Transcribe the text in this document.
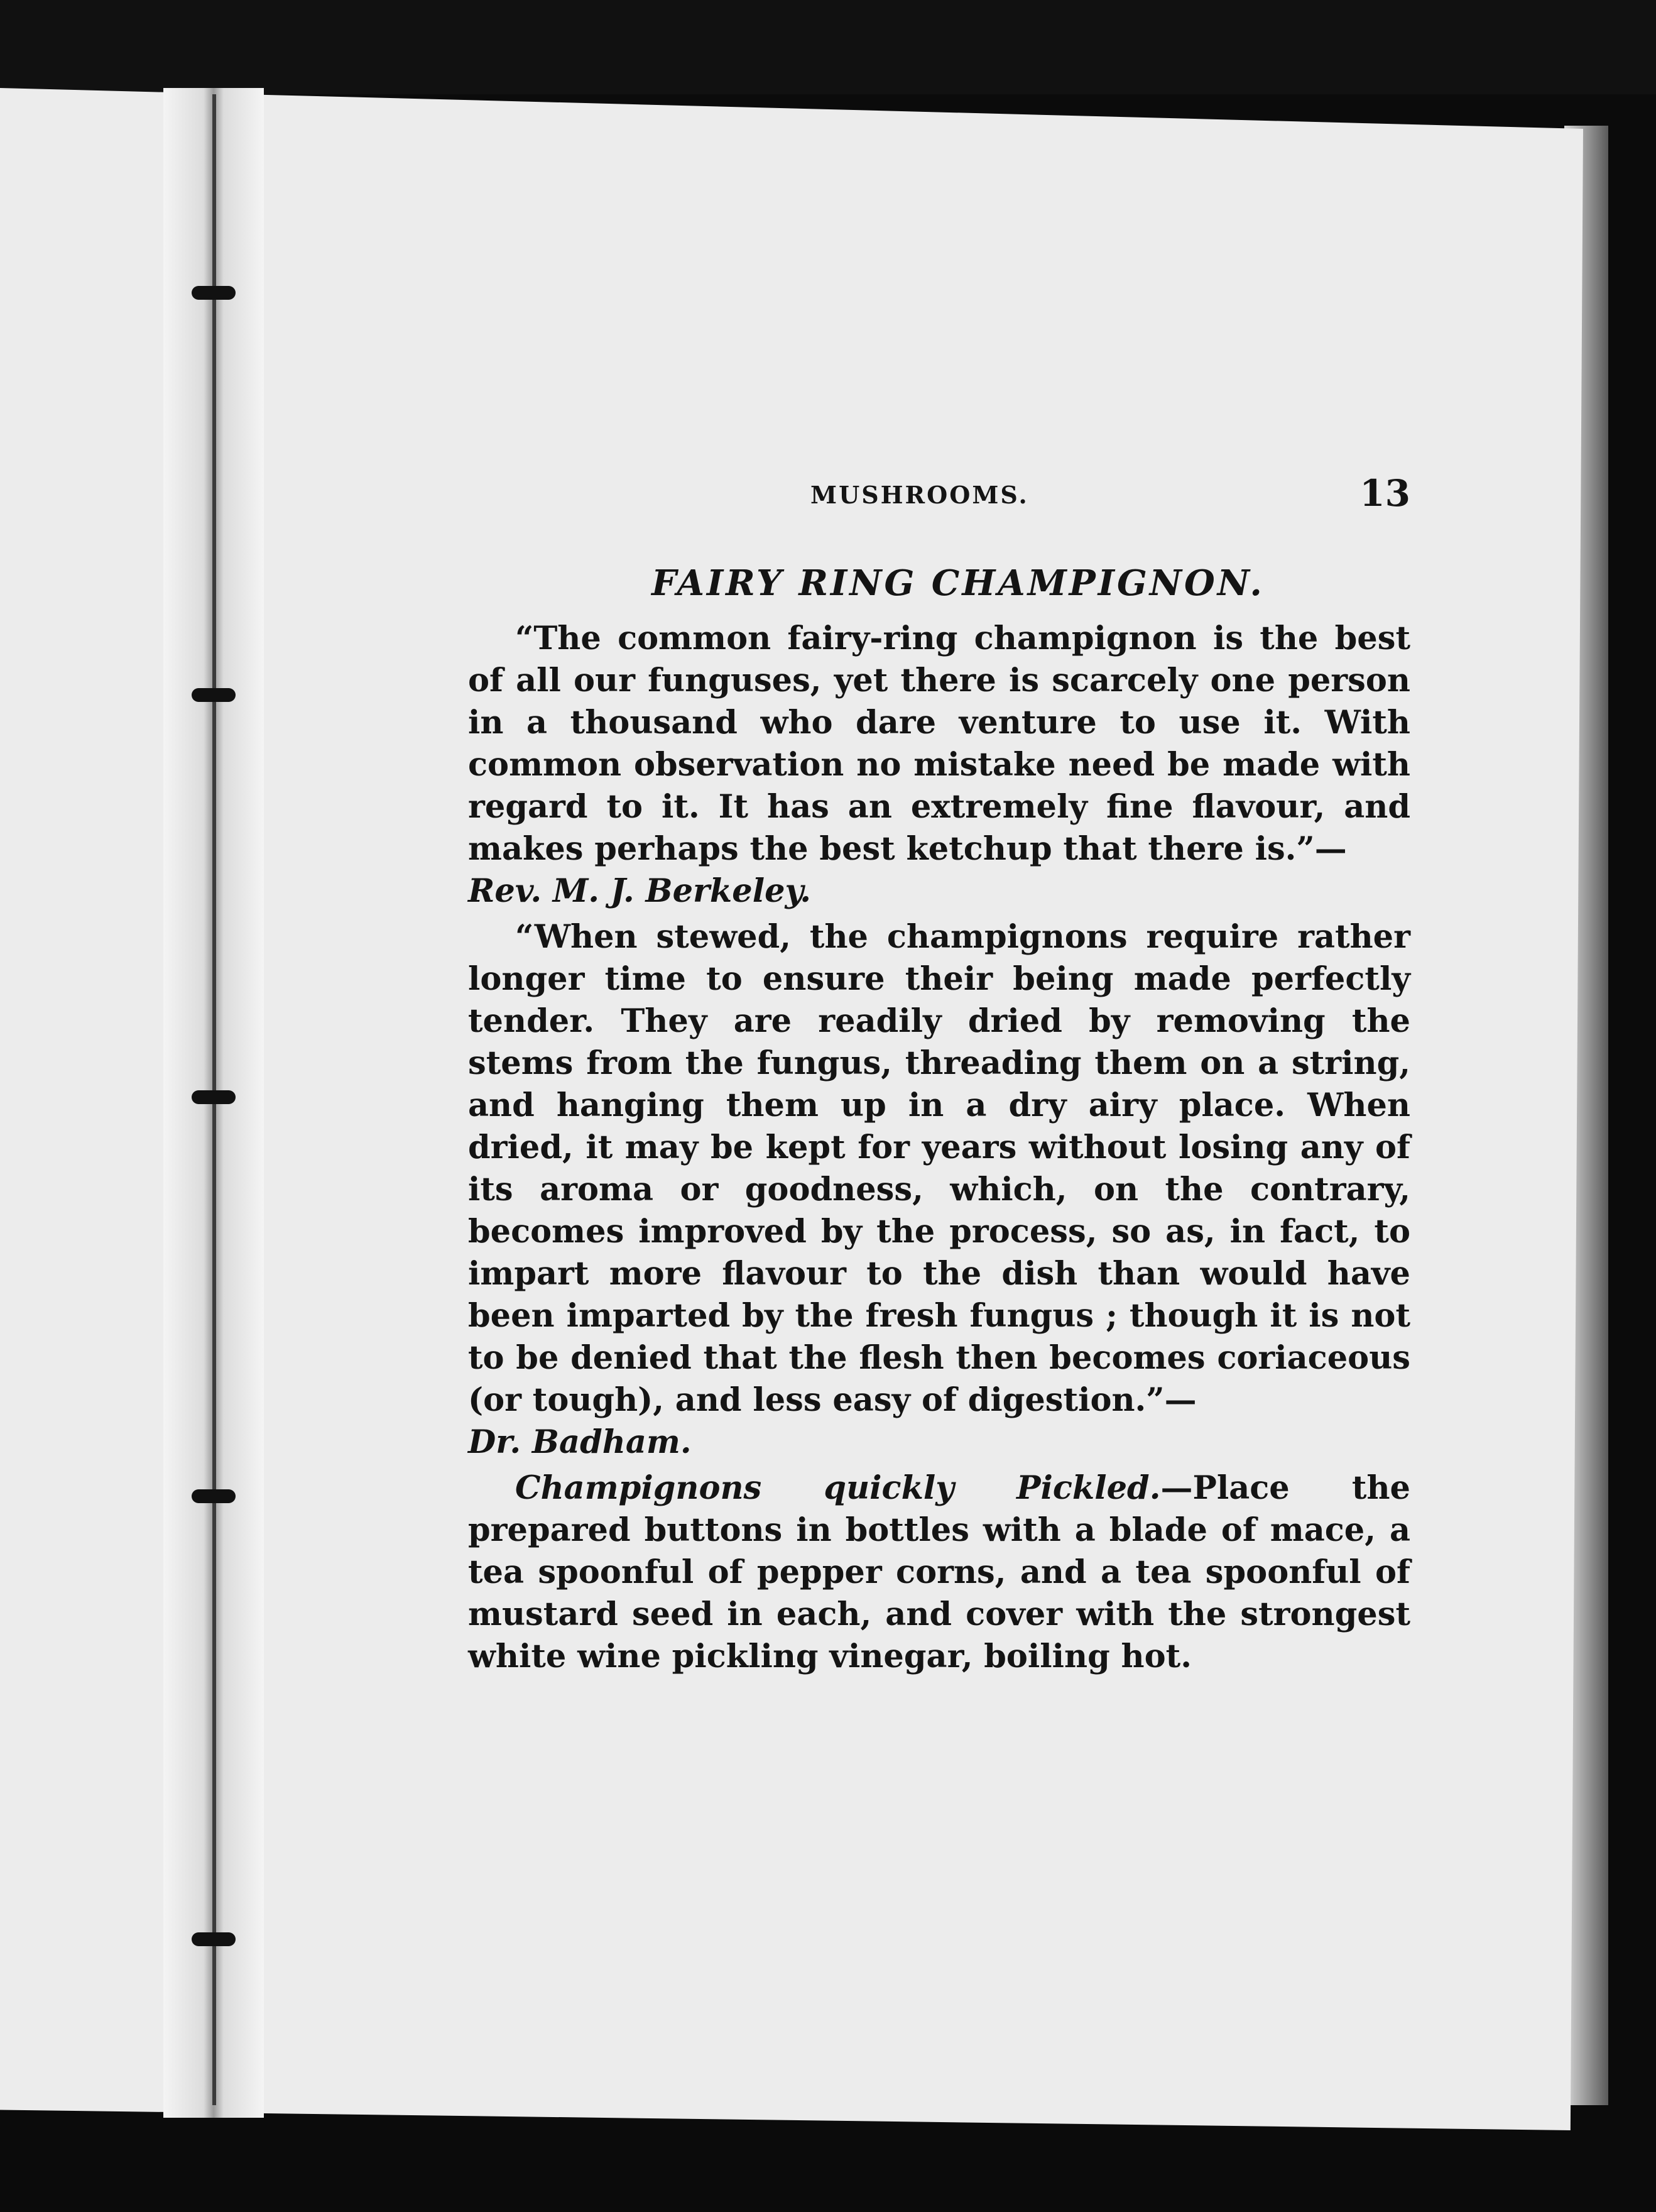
MUSHROOMS.	13
FAIRY RING CHAMPIGNON.

“The common fairy-ring champignon is the best of all our funguses, yet there is scarcely one person in a thousand who dare venture to use it. With common observation no mistake need be made with regard to it. It has an extremely fine flavour, and makes perhaps the best ketchup that there is.”—

Rev. M. J. Berkeley.

“When stewed, the champignons require rather longer time to ensure their being made perfectly tender. They are readily dried by removing the stems from the fungus, threading them on a string, and hanging them up in a dry airy place. When dried, it may be kept for years without losing any of its aroma or goodness, which, on the contrary, becomes improved by the process, so as, in fact, to impart more flavour to the dish than would have been imparted by the fresh fungus ; though it is not to be denied that the flesh then becomes coriaceous (or tough), and less easy of digestion.”—

Dr. Badham.

Champignons quickly Pickled.—Place the prepared buttons in bottles with a blade of mace, a tea spoonful of pepper corns, and a tea spoonful of mustard seed in each, and cover with the strongest white wine pickling vinegar, boiling hot.
